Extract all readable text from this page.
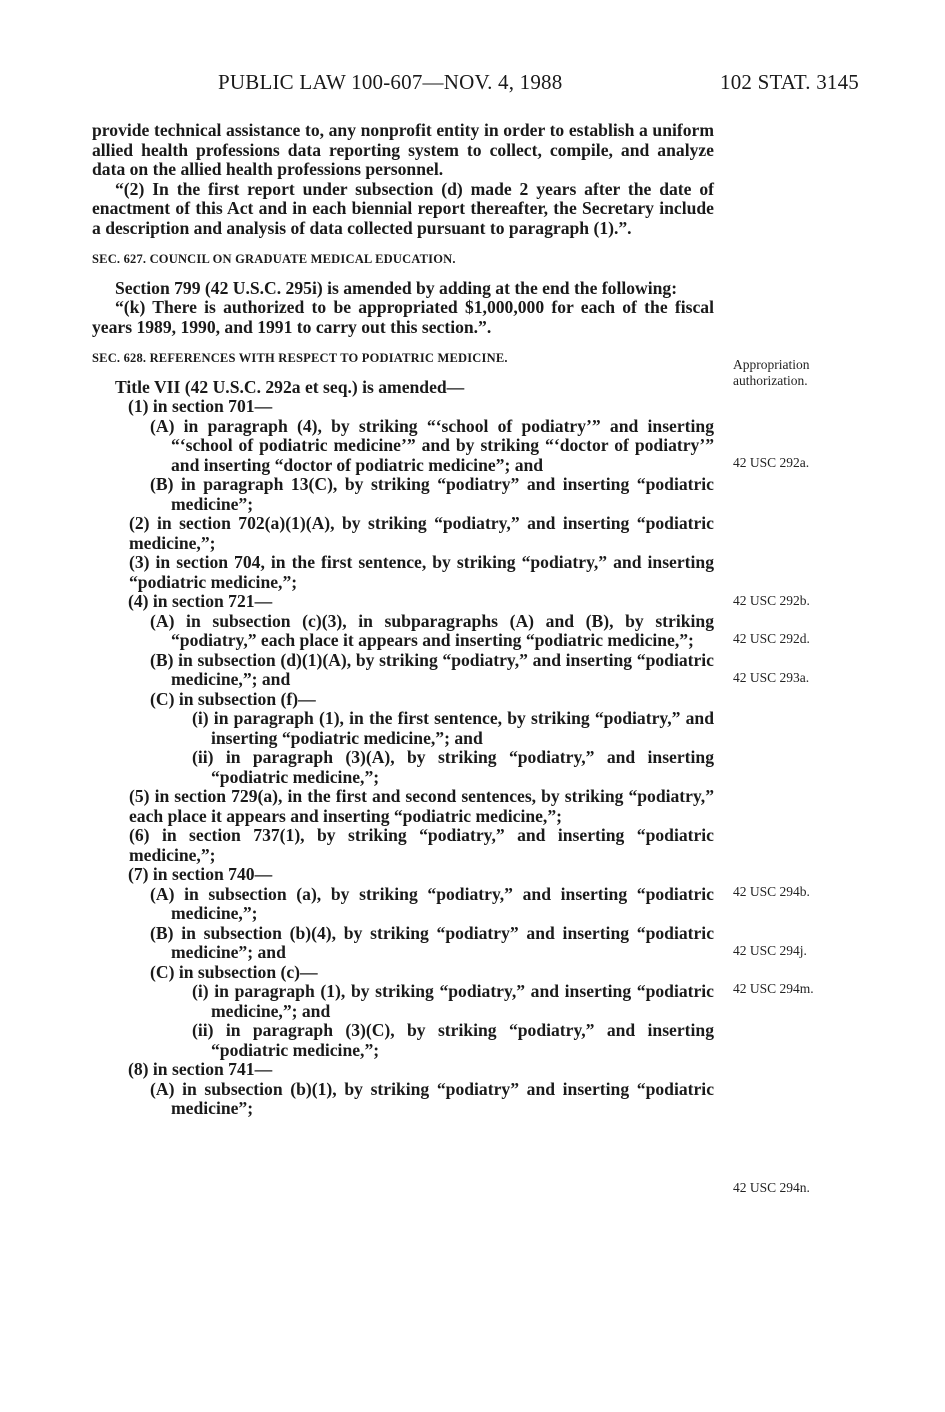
PUBLIC LAW 100-607—NOV. 4, 1988	102 STAT. 3145

provide technical assistance to, any nonprofit entity in order to establish a uniform allied health professions data reporting system to collect, compile, and analyze data on the allied health professions personnel.

“(2) In the first report under subsection (d) made 2 years after the date of enactment of this Act and in each biennial report thereafter, the Secretary include a description and analysis of data collected pursuant to paragraph (1).”.

SEC. 627. COUNCIL ON GRADUATE MEDICAL EDUCATION.

Section 799 (42 U.S.C. 295i) is amended by adding at the end the following:

“(k) There is authorized to be appropriated $1,000,000 for each of the fiscal years 1989, 1990, and 1991 to carry out this section.”.

SEC. 628. REFERENCES WITH RESPECT TO PODIATRIC MEDICINE.

Title VII (42 U.S.C. 292a et seq.) is amended—

(1) in section 701—

(A) in paragraph (4), by striking “‘school of podiatry’” and inserting “‘school of podiatric medicine’” and by striking “‘doctor of podiatry’” and inserting “doctor of podiatric medicine”; and

(B) in paragraph 13(C), by striking “podiatry” and inserting “podiatric medicine”;

(2) in section 702(a)(1)(A), by striking “podiatry,” and inserting “podiatric medicine,”;

(3) in section 704, in the first sentence, by striking “podiatry,” and inserting “podiatric medicine,”;

(4) in section 721—

(A) in subsection (c)(3), in subparagraphs (A) and (B), by striking “podiatry,” each place it appears and inserting “podiatric medicine,”;

(B) in subsection (d)(1)(A), by striking “podiatry,” and inserting “podiatric medicine,”; and

(C) in subsection (f)—

(i) in paragraph (1), in the first sentence, by striking “podiatry,” and inserting “podiatric medicine,”; and

(ii) in paragraph (3)(A), by striking “podiatry,” and inserting “podiatric medicine,”;

(5) in section 729(a), in the first and second sentences, by striking “podiatry,” each place it appears and inserting “podiatric medicine,”;

(6) in section 737(1), by striking “podiatry,” and inserting “podiatric medicine,”;

(7) in section 740—

(A) in subsection (a), by striking “podiatry,” and inserting “podiatric medicine,”;

(B) in subsection (b)(4), by striking “podiatry” and inserting “podiatric medicine”; and

(C) in subsection (c)—

(i) in paragraph (1), by striking “podiatry,” and inserting “podiatric medicine,”; and

(ii) in paragraph (3)(C), by striking “podiatry,” and inserting “podiatric medicine,”;

(8) in section 741—

(A) in subsection (b)(1), by striking “podiatry” and inserting “podiatric medicine”;

Appropriation
authorization.
42 USC 292a.
42 USC 292b.
42 USC 292d.
42 USC 293a.
42 USC 294b.
42 USC 294j.
42 USC 294m.
42 USC 294n.
